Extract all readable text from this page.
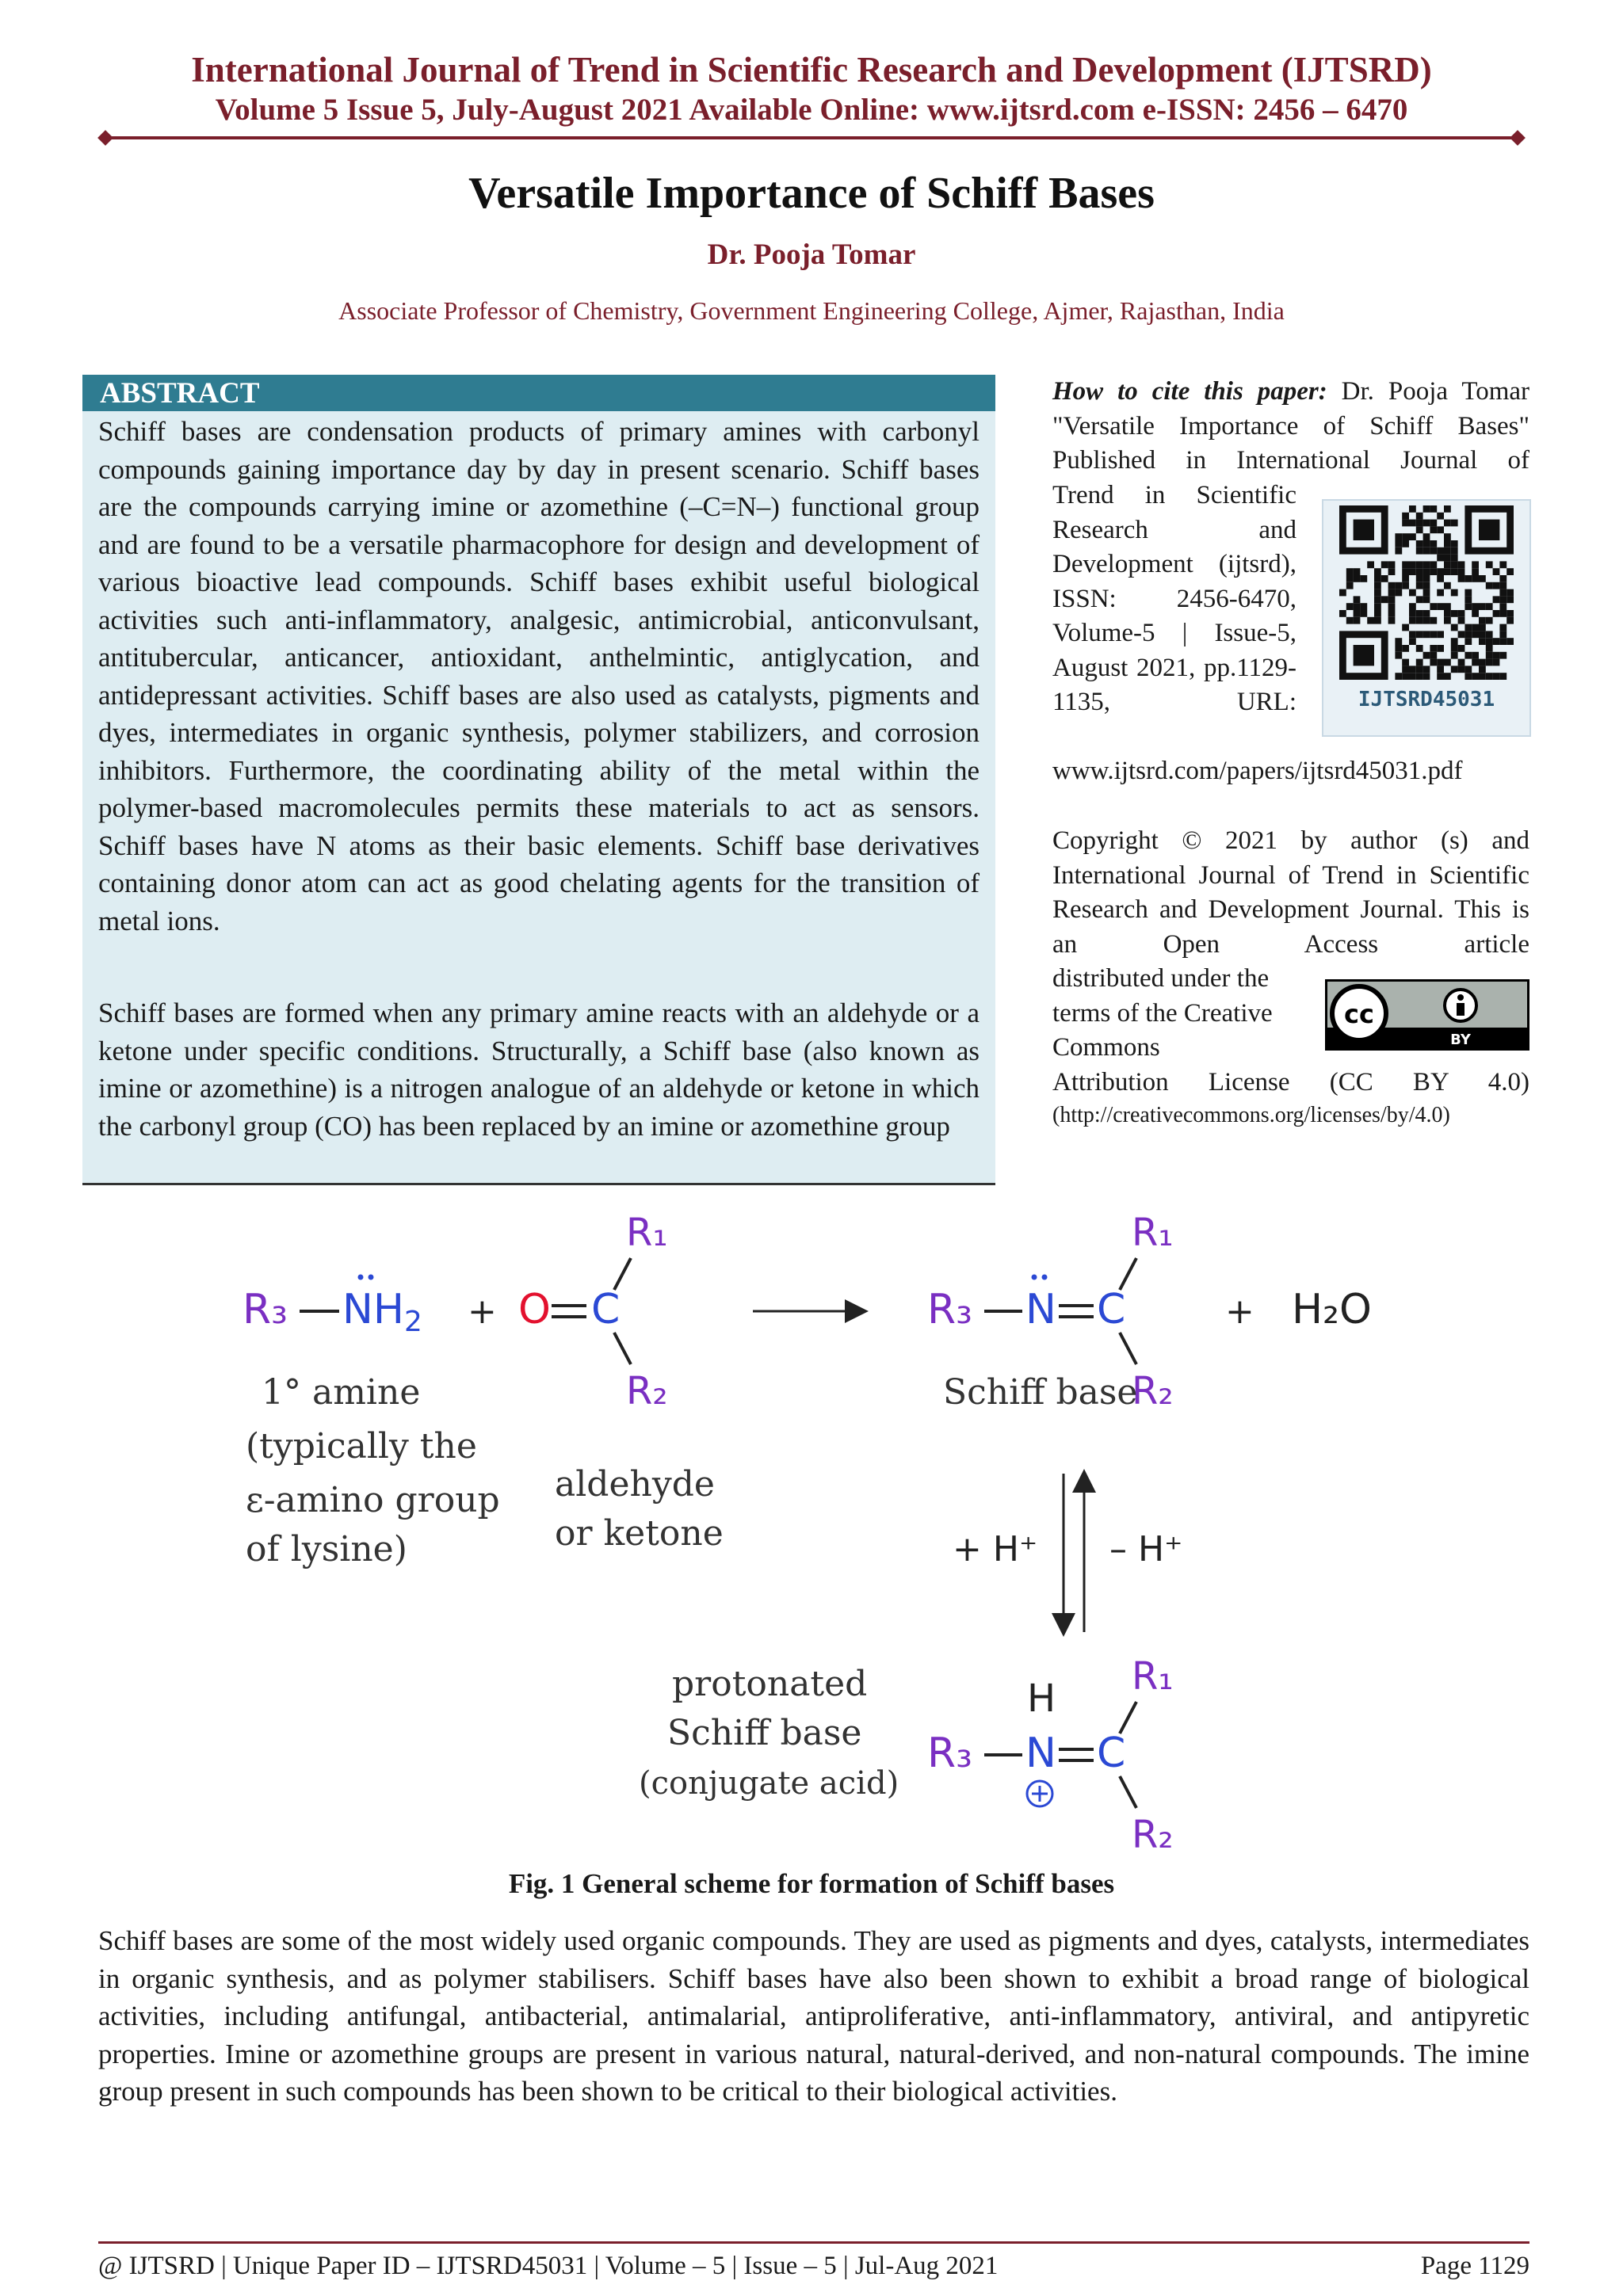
International Journal of Trend in Scientific Research and Development (IJTSRD)
Volume 5 Issue 5, July-August 2021 Available Online: www.ijtsrd.com e-ISSN: 2456 – 6470
Versatile Importance of Schiff Bases
Dr. Pooja Tomar
Associate Professor of Chemistry, Government Engineering College, Ajmer, Rajasthan, India
ABSTRACT
Schiff bases are condensation products of primary amines with carbonyl compounds gaining importance day by day in present scenario. Schiff bases are the compounds carrying imine or azomethine (–C=N–) functional group and are found to be a versatile pharmacophore for design and development of various bioactive lead compounds. Schiff bases exhibit useful biological activities such anti-inflammatory, analgesic, antimicrobial, anticonvulsant, antitubercular, anticancer, antioxidant, anthelmintic, antiglycation, and antidepressant activities. Schiff bases are also used as catalysts, pigments and dyes, intermediates in organic synthesis, polymer stabilizers, and corrosion inhibitors. Furthermore, the coordinating ability of the metal within the polymer-based macromolecules permits these materials to act as sensors. Schiff bases have N atoms as their basic elements. Schiff base derivatives containing donor atom can act as good chelating agents for the transition of metal ions.
Schiff bases are formed when any primary amine reacts with an aldehyde or a ketone under specific conditions. Structurally, a Schiff base (also known as imine or azomethine) is a nitrogen analogue of an aldehyde or ketone in which the carbonyl group (CO) has been replaced by an imine or azomethine group
How to cite this paper: Dr. Pooja Tomar "Versatile Importance of Schiff Bases" Published in International Journal of
Trend in Scientific Research and Development (ijtsrd), ISSN: 2456-6470, Volume-5 | Issue-5, August 2021, pp.1129-1135, URL:
www.ijtsrd.com/papers/ijtsrd45031.pdf
IJTSRD45031
Copyright © 2021 by author (s) and International Journal of Trend in Scientific Research and Development Journal. This is an Open Access article
distributed under the terms of the Creative Commons
cc
BY
Attribution License (CC BY 4.0)
(http://creativecommons.org/licenses/by/4.0)
R₃ NH2 + O C
R₁
R₂
R₃ N C
R₁
R₂
+ H₂O
1° amine
(typically the
ε-amino group
of lysine)
aldehyde
or ketone
Schiff base
+ H⁺ – H⁺
protonated
Schiff base
(conjugate acid)
R₃ N
H
C
R₁
R₂
Fig. 1 General scheme for formation of Schiff bases
Schiff bases are some of the most widely used organic compounds. They are used as pigments and dyes, catalysts, intermediates in organic synthesis, and as polymer stabilisers. Schiff bases have also been shown to exhibit a broad range of biological activities, including antifungal, antibacterial, antimalarial, antiproliferative, anti-inflammatory, antiviral, and antipyretic properties. Imine or azomethine groups are present in various natural, natural-derived, and non-natural compounds. The imine group present in such compounds has been shown to be critical to their biological activities.
@ IJTSRD | Unique Paper ID – IJTSRD45031 | Volume – 5 | Issue – 5 | Jul-Aug 2021	Page 1129
